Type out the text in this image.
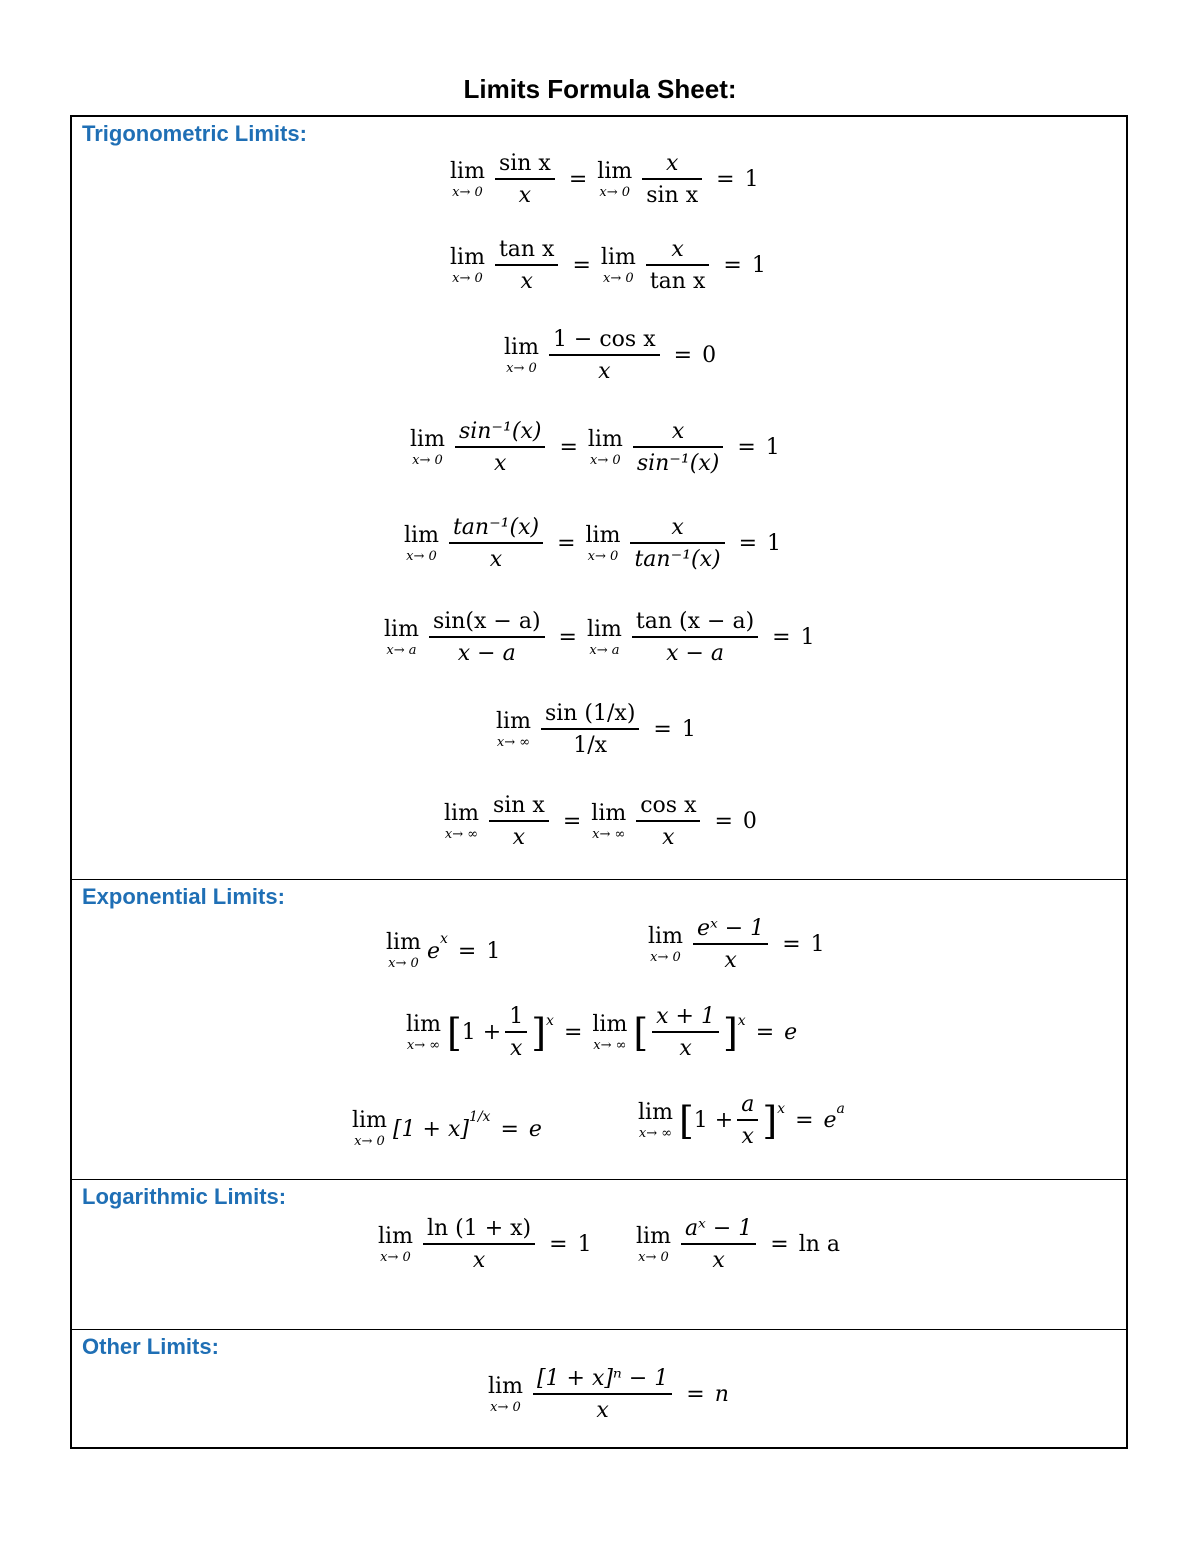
Limits Formula Sheet:
Trigonometric Limits:
lim
$x\to 0 \frac{\text{sin x}}{x} = \lim$
$x\to 0 \frac{x}{\text{sin x}} = 1$
lim
$x\to 0 \frac{\text{tan x}}{x} = \lim$
$x\to 0 \frac{x}{\text{tan x}} = 1$
lim
$x\to 0 \frac{\text{1 − cos x}}{x} = 0$
lim
$x\to 0 \frac{\text{sin⁻¹(x)}}{x} = \lim$
$x\to 0 \frac{x}{\text{sin⁻¹(x)}} = 1$
lim
$x\to 0 \frac{\text{tan⁻¹(x)}}{x} = \lim$
$x\to 0 \frac{x}{\text{tan⁻¹(x)}} = 1$
lim
x→ a $\frac{\sin(x - a)}{x - a} = \lim$
x→ a $\frac{\tan (x - a)}{x - a} = 1$
lim
x→ ∞ $\frac{\sin (1/x)}{1/x} = 1$
lim
x→ ∞ $\frac{\text{sin x}}{x} = \lim$
x→ ∞ $\frac{\text{cos x}}{x} = 0$
Exponential Limits:
lim
x→ 0 e x = 1
lim
$x\to 0 \frac{\text{eˣ − 1}}{x} = 1$
lim
x→ ∞ [ $1 + \frac{1}{x}$ ] x = lim
x→ ∞ [ $\frac{x + 1}{x}$ ] x = e
lim
x→ 0 [1 + x] 1/x = e
lim
x→ ∞ [ $1 + \frac{a}{x}$ ] x = e a
Logarithmic Limits:
lim
$x\to 0 \frac{\ln (1 + x)}{x} = 1$ lim
$x\to 0 \frac{\text{aˣ − 1}}{x} = \ln a$
Other Limits:
lim
$x\to 0 \frac{\text{[1 + x]ⁿ − 1}}{x} = n$
